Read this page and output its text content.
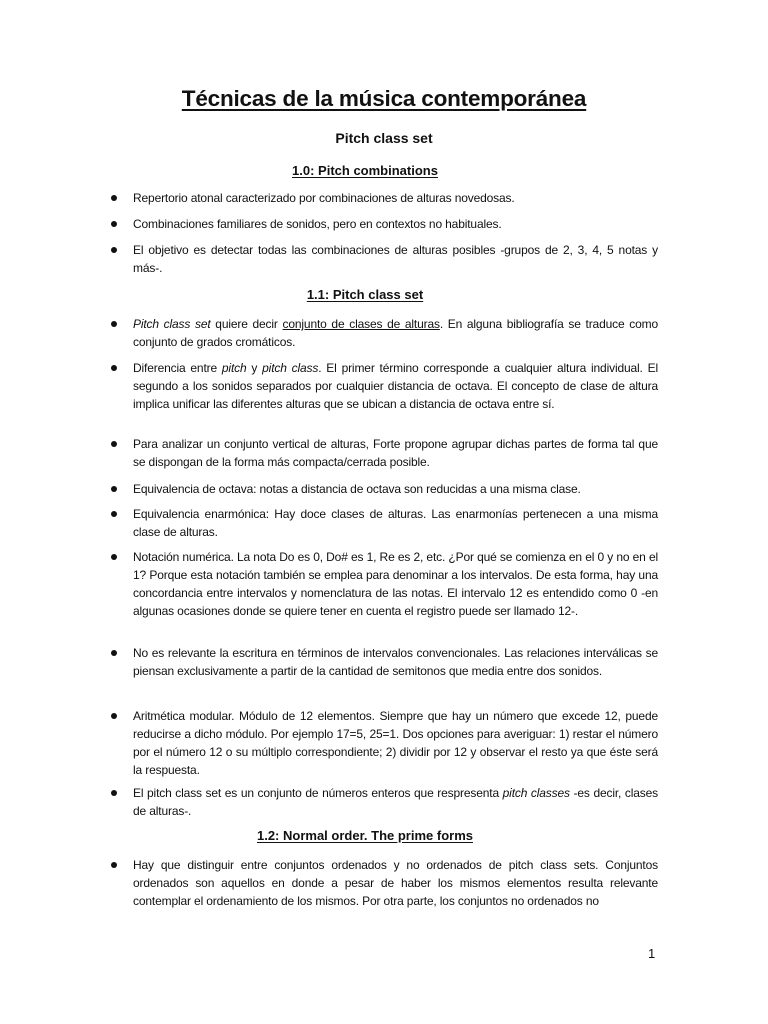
Técnicas de la música contemporánea
Pitch class set
1.0: Pitch combinations
Repertorio atonal caracterizado por combinaciones de alturas novedosas.
Combinaciones familiares de sonidos, pero en contextos no habituales.
El objetivo es detectar todas las combinaciones de alturas posibles -grupos de 2, 3, 4, 5 notas y más-.
1.1: Pitch class set
Pitch class set quiere decir conjunto de clases de alturas. En alguna bibliografía se traduce como conjunto de grados cromáticos.
Diferencia entre pitch y pitch class. El primer término corresponde a cualquier altura individual. El segundo a los sonidos separados por cualquier distancia de octava. El concepto de clase de altura implica unificar las diferentes alturas que se ubican a distancia de octava entre sí.
Para analizar un conjunto vertical de alturas, Forte propone agrupar dichas partes de forma tal que se dispongan de la forma más compacta/cerrada posible.
Equivalencia de octava: notas a distancia de octava son reducidas a una misma clase.
Equivalencia enarmónica: Hay doce clases de alturas. Las enarmonías pertenecen a una misma clase de alturas.
Notación numérica. La nota Do es 0, Do# es 1, Re es 2, etc. ¿Por qué se comienza en el 0 y no en el 1? Porque esta notación también se emplea para denominar a los intervalos. De esta forma, hay una concordancia entre intervalos y nomenclatura de las notas. El intervalo 12 es entendido como 0 -en algunas ocasiones donde se quiere tener en cuenta el registro puede ser llamado 12-.
No es relevante la escritura en términos de intervalos convencionales. Las relaciones interválicas se piensan exclusivamente a partir de la cantidad de semitonos que media entre dos sonidos.
Aritmética modular. Módulo de 12 elementos. Siempre que hay un número que excede 12, puede reducirse a dicho módulo. Por ejemplo 17=5, 25=1. Dos opciones para averiguar: 1) restar el número por el número 12 o su múltiplo correspondiente; 2) dividir por 12 y observar el resto ya que éste será la respuesta.
El pitch class set es un conjunto de números enteros que respresenta pitch classes -es decir, clases de alturas-.
1.2: Normal order. The prime forms
Hay que distinguir entre conjuntos ordenados y no ordenados de pitch class sets. Conjuntos ordenados son aquellos en donde a pesar de haber los mismos elementos resulta relevante contemplar el ordenamiento de los mismos. Por otra parte, los conjuntos no ordenados no
1
